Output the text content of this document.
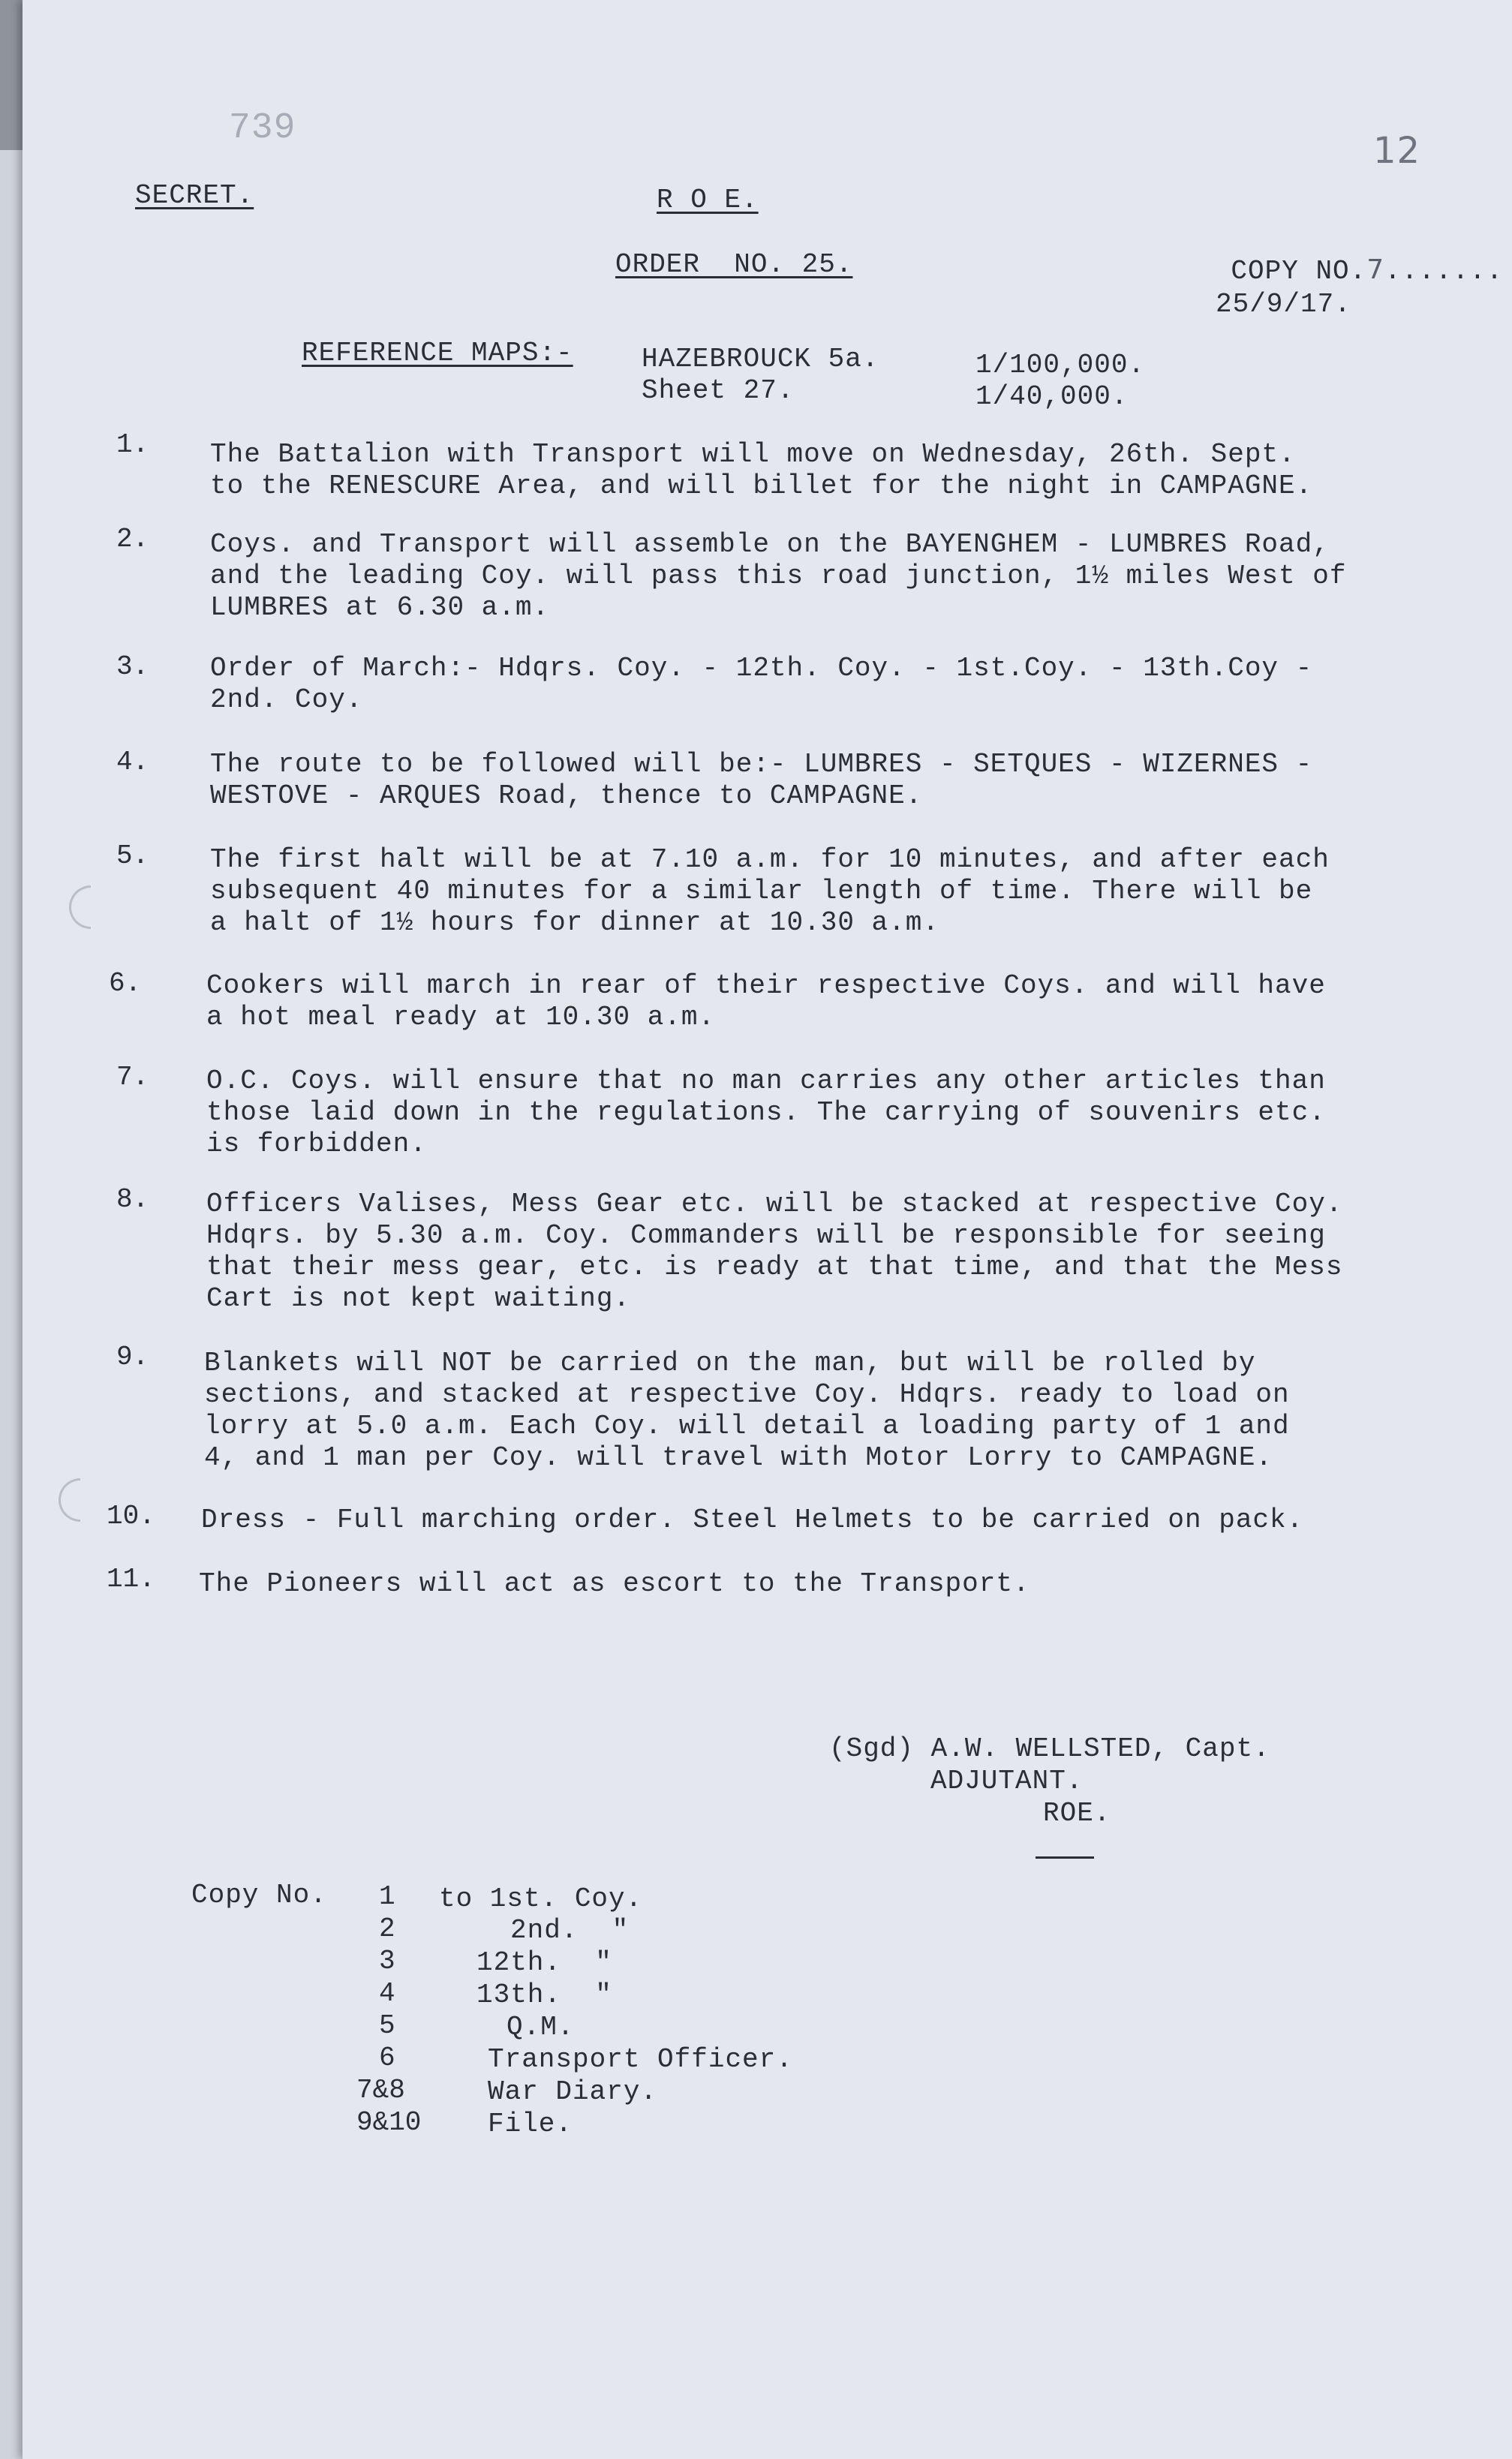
739
12
SECRET.	R O E.

COPY NO.7.......

ORDER  NO. 25.
25/9/17.
REFERENCE MAPS:-	HAZEBROUCK 5a.	1/100,000.
Sheet 27.	1/40,000.
1. The Battalion with Transport will move on Wednesday, 26th. Sept.
to the RENESCURE Area, and will billet for the night in CAMPAGNE.
2. Coys. and Transport will assemble on the BAYENGHEM - LUMBRES Road,
and the leading Coy. will pass this road junction, 1½ miles West of
LUMBRES at 6.30 a.m.
3. Order of March:- Hdqrs. Coy. - 12th. Coy. - 1st.Coy. - 13th.Coy -
2nd. Coy.
4. The route to be followed will be:- LUMBRES - SETQUES - WIZERNES -
WESTOVE - ARQUES Road, thence to CAMPAGNE.
5. The first halt will be at 7.10 a.m. for 10 minutes, and after each
subsequent 40 minutes for a similar length of time. There will be
a halt of 1½ hours for dinner at 10.30 a.m.
6. Cookers will march in rear of their respective Coys. and will have
a hot meal ready at 10.30 a.m.
7. O.C. Coys. will ensure that no man carries any other articles than
those laid down in the regulations. The carrying of souvenirs etc.
is forbidden.
8. Officers Valises, Mess Gear etc. will be stacked at respective Coy.
Hdqrs. by 5.30 a.m. Coy. Commanders will be responsible for seeing
that their mess gear, etc. is ready at that time, and that the Mess
Cart is not kept waiting.
9. Blankets will NOT be carried on the man, but will be rolled by
sections, and stacked at respective Coy. Hdqrs. ready to load on
lorry at 5.0 a.m. Each Coy. will detail a loading party of 1 and
4, and 1 man per Coy. will travel with Motor Lorry to CAMPAGNE.
10. Dress - Full marching order. Steel Helmets to be carried on pack.
11. The Pioneers will act as escort to the Transport.
(Sgd) A.W. WELLSTED, Capt.
ADJUTANT.
ROE.
Copy No. 1 to 1st. Coy.
2	2nd.  "
3	12th.  "
4	13th.  "
5	Q.M.
6	Transport Officer.
7&8	War Diary.
9&10 File.
